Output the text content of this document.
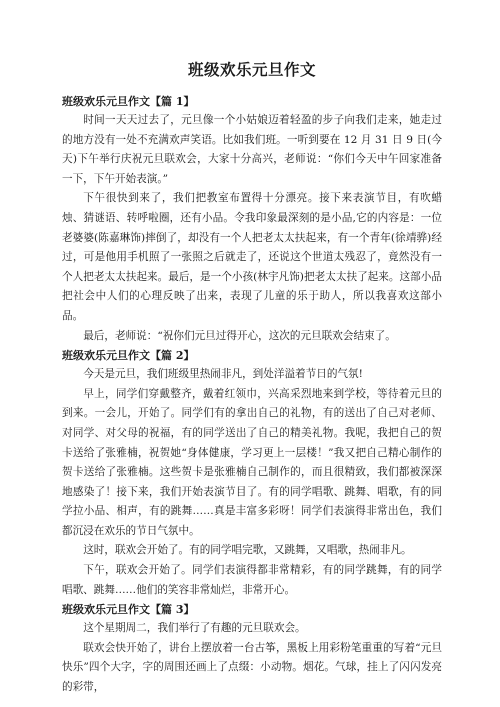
班级欢乐元旦作文

班级欢乐元旦作文【篇 1】

时间一天天过去了，元旦像一个小姑娘迈着轻盈的步子向我们走来，她走过的地方没有一处不充满欢声笑语。比如我们班。一听到要在 12 月 31 日 9 日(今天)下午举行庆祝元旦联欢会，大家十分高兴，老师说：“你们今天中午回家准备一下，下午开始表演。”

下午很快到来了，我们把教室布置得十分漂亮。接下来表演节目，有吹蜡烛、猜谜语、转呼啦圈，还有小品。令我印象最深刻的是小品,它的内容是：一位老婆婆(陈嘉琳饰)摔倒了，却没有一个人把老太太扶起来，有一个青年(徐靖骅)经过，可是他用手机照了一张照之后就走了，还说这个世道太残忍了，竟然没有一个人把老太太扶起来。最后，是一个小孩(林宇凡饰)把老太太扶了起来。这部小品把社会中人们的心理反映了出来，表现了儿童的乐于助人，所以我喜欢这部小品。

最后，老师说：“祝你们元旦过得开心，这次的元旦联欢会结束了。

班级欢乐元旦作文【篇 2】

今天是元旦，我们班级里热闹非凡，到处洋溢着节日的气氛!

早上，同学们穿戴整齐，戴着红领巾，兴高采烈地来到学校，等待着元旦的到来。一会儿，开始了。同学们有的拿出自己的礼物，有的送出了自己对老师、对同学、对父母的祝福，有的同学送出了自己的精美礼物。我呢，我把自己的贺卡送给了张雅楠，祝贺她“身体健康，学习更上一层楼！”我又把自己精心制作的贺卡送给了张雅楠。这些贺卡是张雅楠自己制作的，而且很精致，我们都被深深地感染了！接下来，我们开始表演节目了。有的同学唱歌、跳舞、唱歌，有的同学拉小品、相声，有的跳舞……真是丰富多彩呀！同学们表演得非常出色，我们都沉浸在欢乐的节日气氛中。

这时，联欢会开始了。有的同学唱完歌，又跳舞，又唱歌，热闹非凡。

下午，联欢会开始了。同学们表演得都非常精彩，有的同学跳舞，有的同学唱歌、跳舞……他们的笑容非常灿烂，非常开心。

班级欢乐元旦作文【篇 3】

这个星期周二，我们举行了有趣的元旦联欢会。

联欢会快开始了，讲台上摆放着一台古筝，黑板上用彩粉笔重重的写着“元旦快乐”四个大字，字的周围还画上了点缀：小动物。烟花。气球，挂上了闪闪发亮的彩带，
